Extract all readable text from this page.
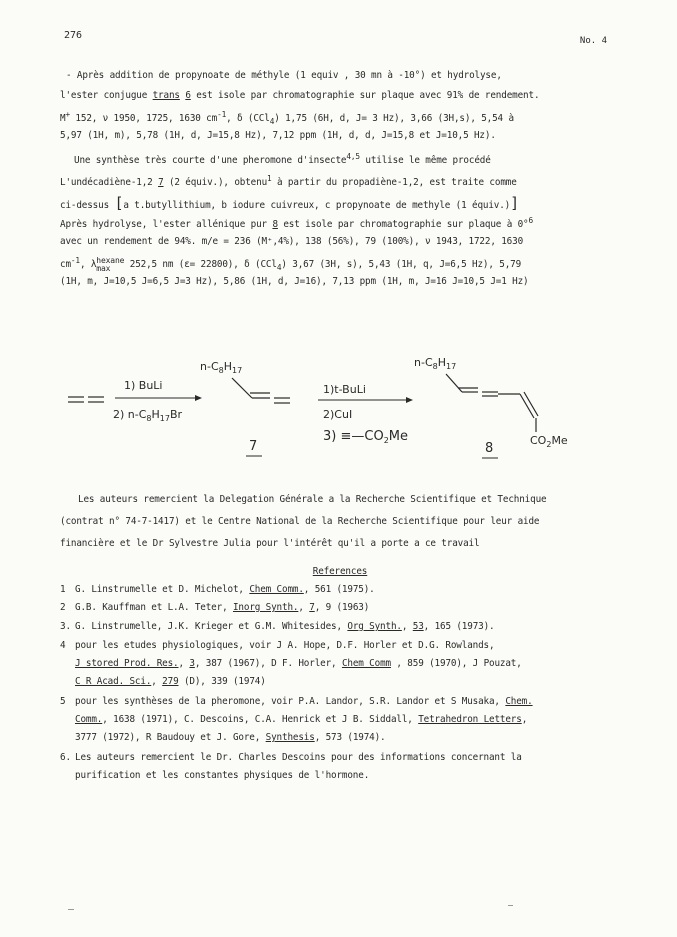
276	No. 4
- Après addition de propynoate de méthyle (1 equiv , 30 mn à -10°) et hydrolyse,
l'ester conjugue trans 6 est isole par chromatographie sur plaque avec 91% de rendement.
M+ 152, ν 1950, 1725, 1630 $cm^{-1}$, δ (CCl$_4$) 1,75 (6H, d, J= 3 Hz), 3,66 (3H,s), 5,54 à
5,97 (1H, m), 5,78 (1H, d, J=15,8 Hz), 7,12 ppm (1H, d, d, J=15,8 et J=10,5 Hz).
Une synthèse très courte d'une pheromone d'insecte$^{4,5}$ utilise le même procédé
L'undécadiène-1,2 7 (2 équiv.), obtenu$^1$ à partir du propadiène-1,2, est traite comme
ci-dessus [a t.butyllithium, b iodure cuivreux, c propynoate de methyle (1 équiv.)]
Après hydrolyse, l'ester allénique pur 8 est isole par chromatographie sur plaque à 0°$^6$
avec un rendement de 94%. m/e = 236 (M⁺,4%), 138 (56%), 79 (100%), ν 1943, 1722, 1630
$cm^{-1}$, λ hexane
max	252,5 nm (ε= 22800), δ (CCl$_4$) 3,67 (3H, s), 5,43 (1H, q, J=6,5 Hz), 5,79
(1H, m, J=10,5 J=6,5 J=3 Hz), 5,86 (1H, d, J=16), 7,13 ppm (1H, m, J=16 J=10,5 J=1 Hz)
1) BuLi
2) $n-C_8H_{17}Br$
$n-C_8H_{17}$
7
1)t-BuLi
2)CuI
$3) \equiv—CO_2Me$
$n-C_8H_{17}$
$CO_2Me$
8
Les auteurs remercient la Delegation Générale a la Recherche Scientifique et Technique
(contrat n° 74-7-1417) et le Centre National de la Recherche Scientifique pour leur aide
financière et le Dr Sylvestre Julia pour l'intérêt qu'il a porte a ce travail
References
1 G. Linstrumelle et D. Michelot, Chem Comm., 561 (1975).
2 G.B. Kauffman et L.A. Teter, Inorg Synth., 7, 9 (1963)
3. G. Linstrumelle, J.K. Krieger et G.M. Whitesides, Org Synth., 53, 165 (1973).
4 pour les etudes physiologiques, voir J A. Hope, D.F. Horler et D.G. Rowlands,
J stored Prod. Res., 3, 387 (1967), D F. Horler, Chem Comm , 859 (1970), J Pouzat,
C R Acad. Sci., 279 (D), 339 (1974)
5 pour les synthèses de la pheromone, voir P.A. Landor, S.R. Landor et S Musaka, Chem.
Comm., 1638 (1971), C. Descoins, C.A. Henrick et J B. Siddall, Tetrahedron Letters,
3777 (1972), R Baudouy et J. Gore, Synthesis, 573 (1974).
6. Les auteurs remercient le Dr. Charles Descoins pour des informations concernant la
purification et les constantes physiques de l'hormone.
